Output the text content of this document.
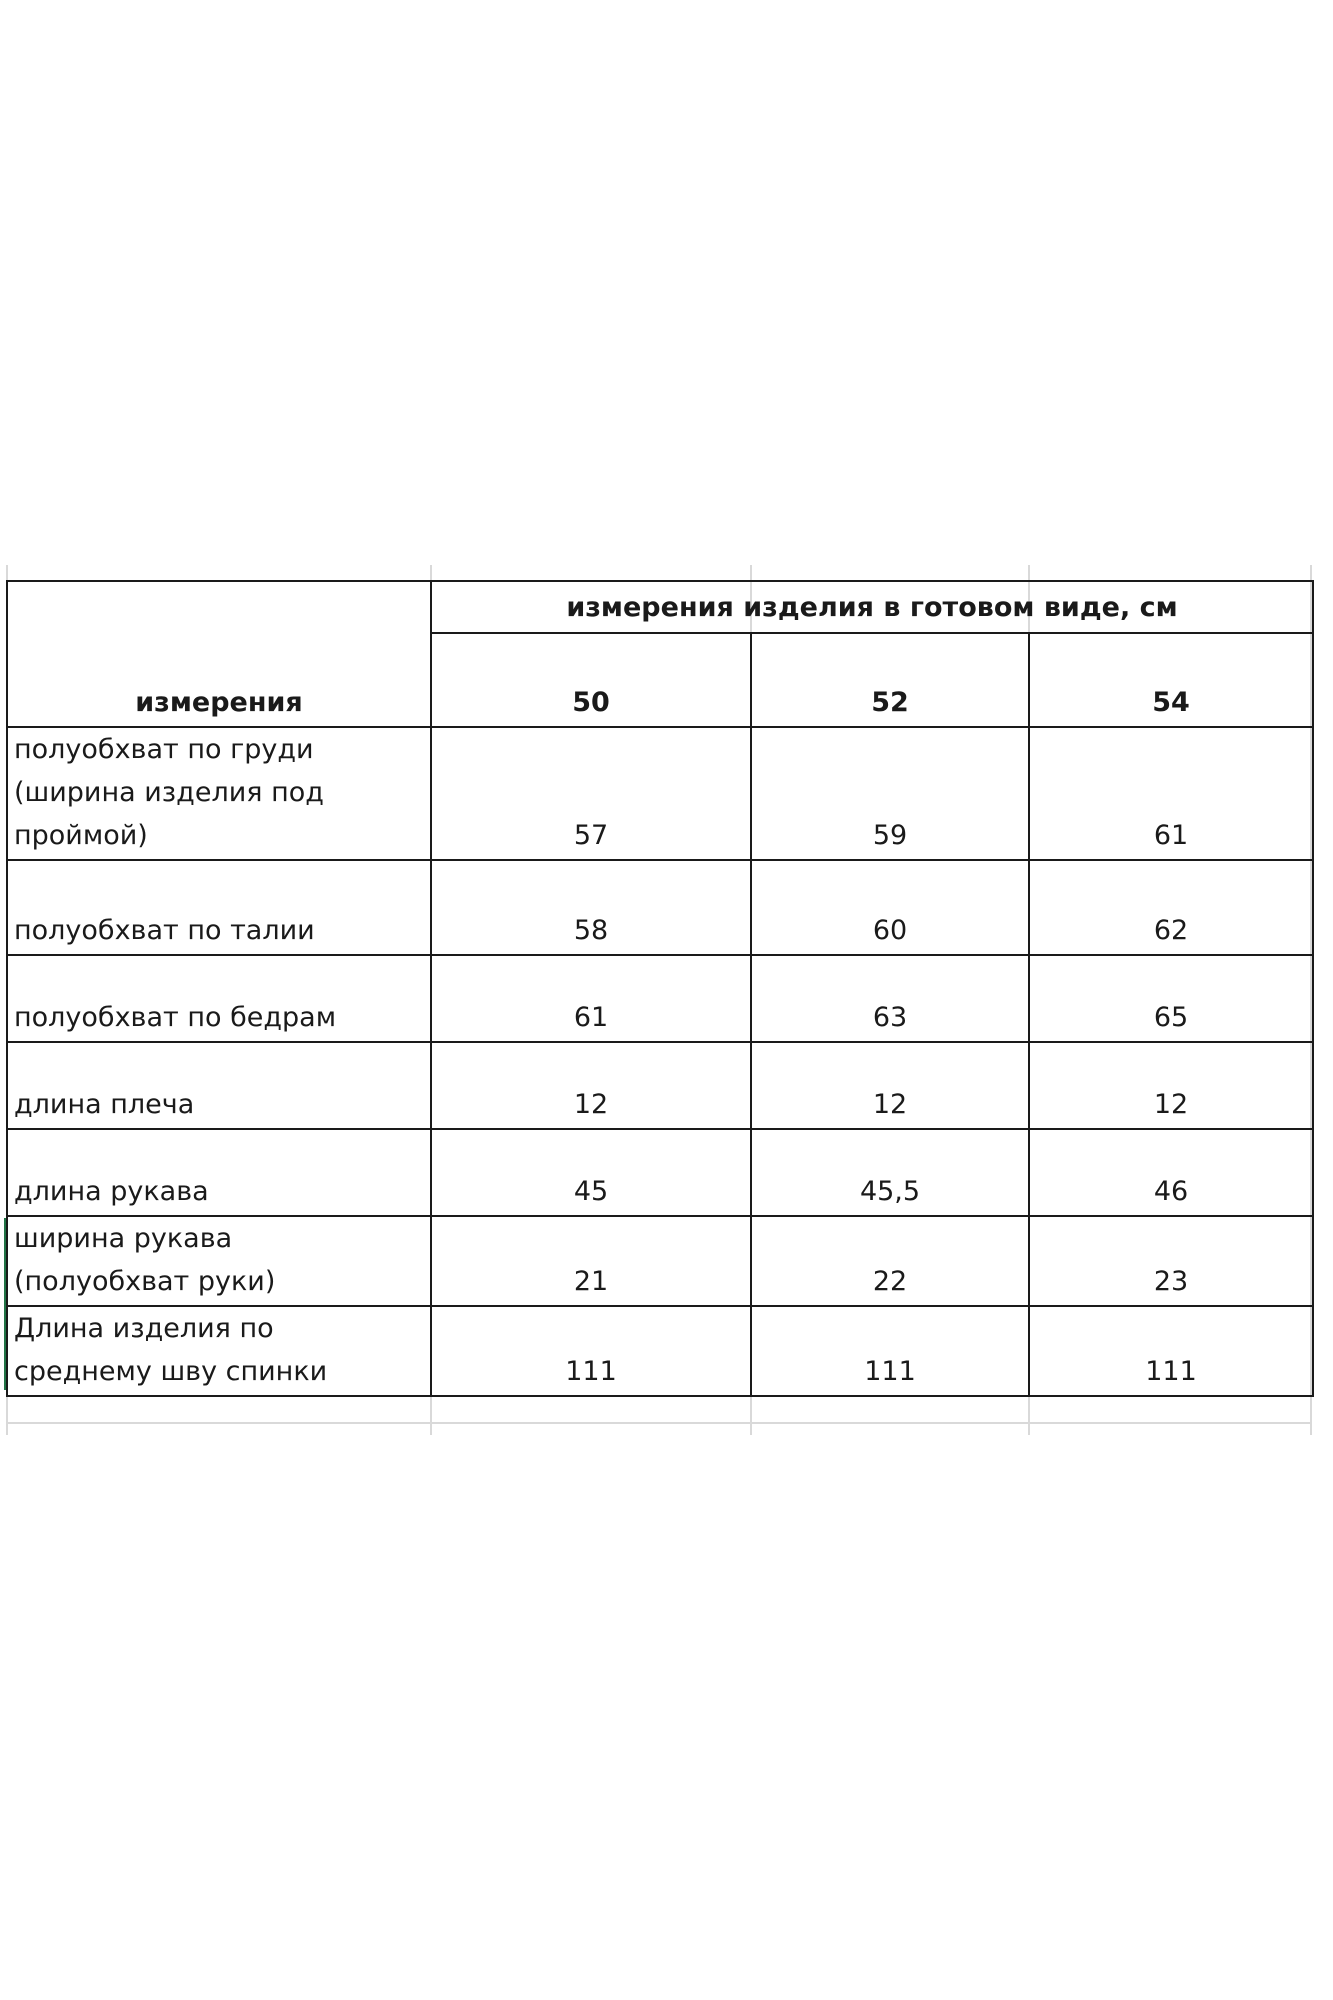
измерения	измерения изделия в готовом виде, см		
	50	52	54

полуобхват по груди
(ширина изделия под
проймой)	57	59	61

полуобхват по талии	58	60	62

полуобхват по бедрам	61	63	65

длина плеча	12	12	12

длина рукава	45	45,5	46

ширина рукава
(полуобхват руки)	21	22	23

Длина изделия по
среднему шву спинки	111	111	111
